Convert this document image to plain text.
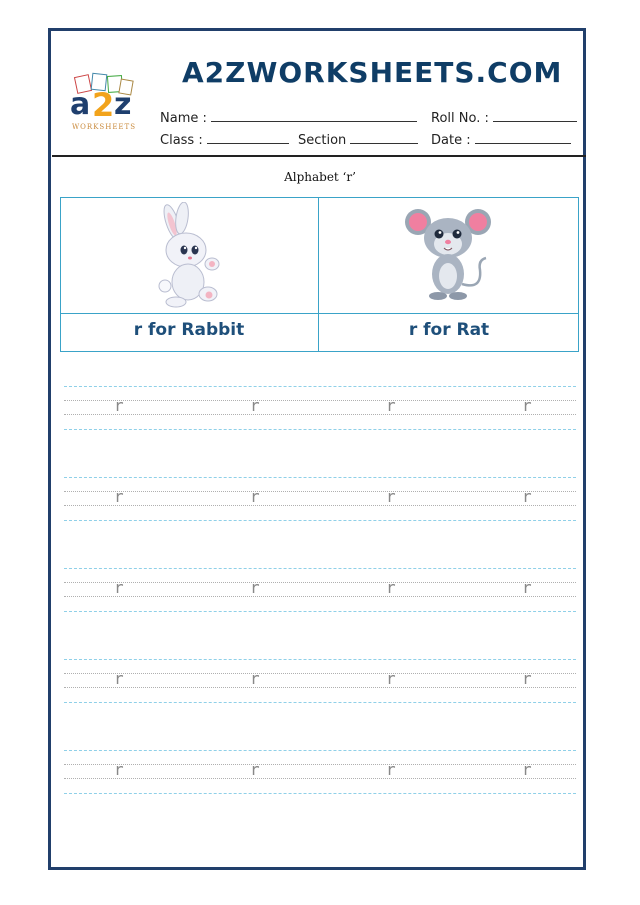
a 2 z
WORKSHEETS
A2ZWORKSHEETS.COM
Name :	Roll No. :
Class :	Section	Date :
Alphabet ‘r’
r for Rabbit	r for Rat
r	r	r	r
r	r	r	r
r	r	r	r
r	r	r	r
r	r	r	r
